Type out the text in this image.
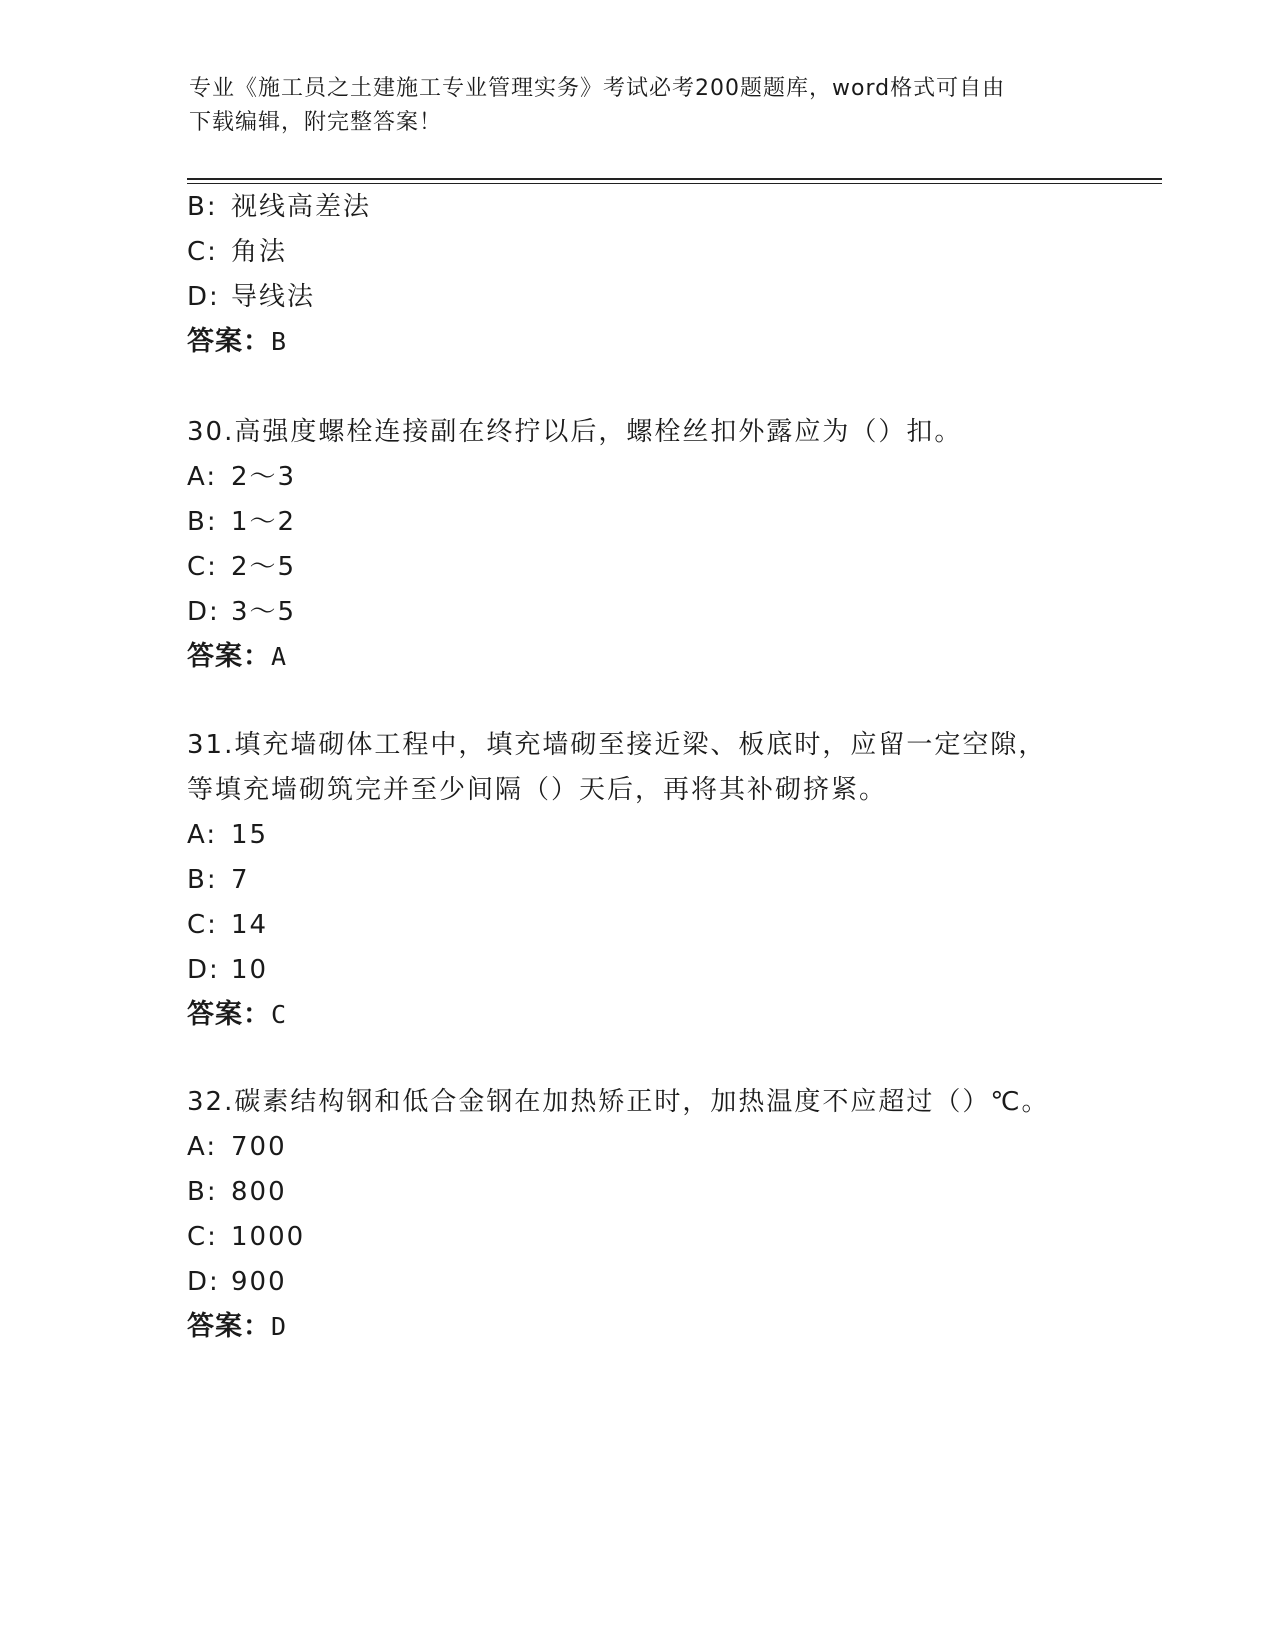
专业《施工员之土建施工专业管理实务》考试必考200题题库，word格式可自由
下载编辑，附完整答案！
B: 视线高差法
C: 角法
D: 导线法
答案：B
30.高强度螺栓连接副在终拧以后，螺栓丝扣外露应为（）扣。
A: 2～3
B: 1～2
C: 2～5
D: 3～5
答案：A
31.填充墙砌体工程中，填充墙砌至接近梁、板底时，应留一定空隙，
等填充墙砌筑完并至少间隔（）天后，再将其补砌挤紧。
A: 15
B: 7
C: 14
D: 10
答案：C
32.碳素结构钢和低合金钢在加热矫正时，加热温度不应超过（）℃。
A: 700
B: 800
C: 1000
D: 900
答案：D
